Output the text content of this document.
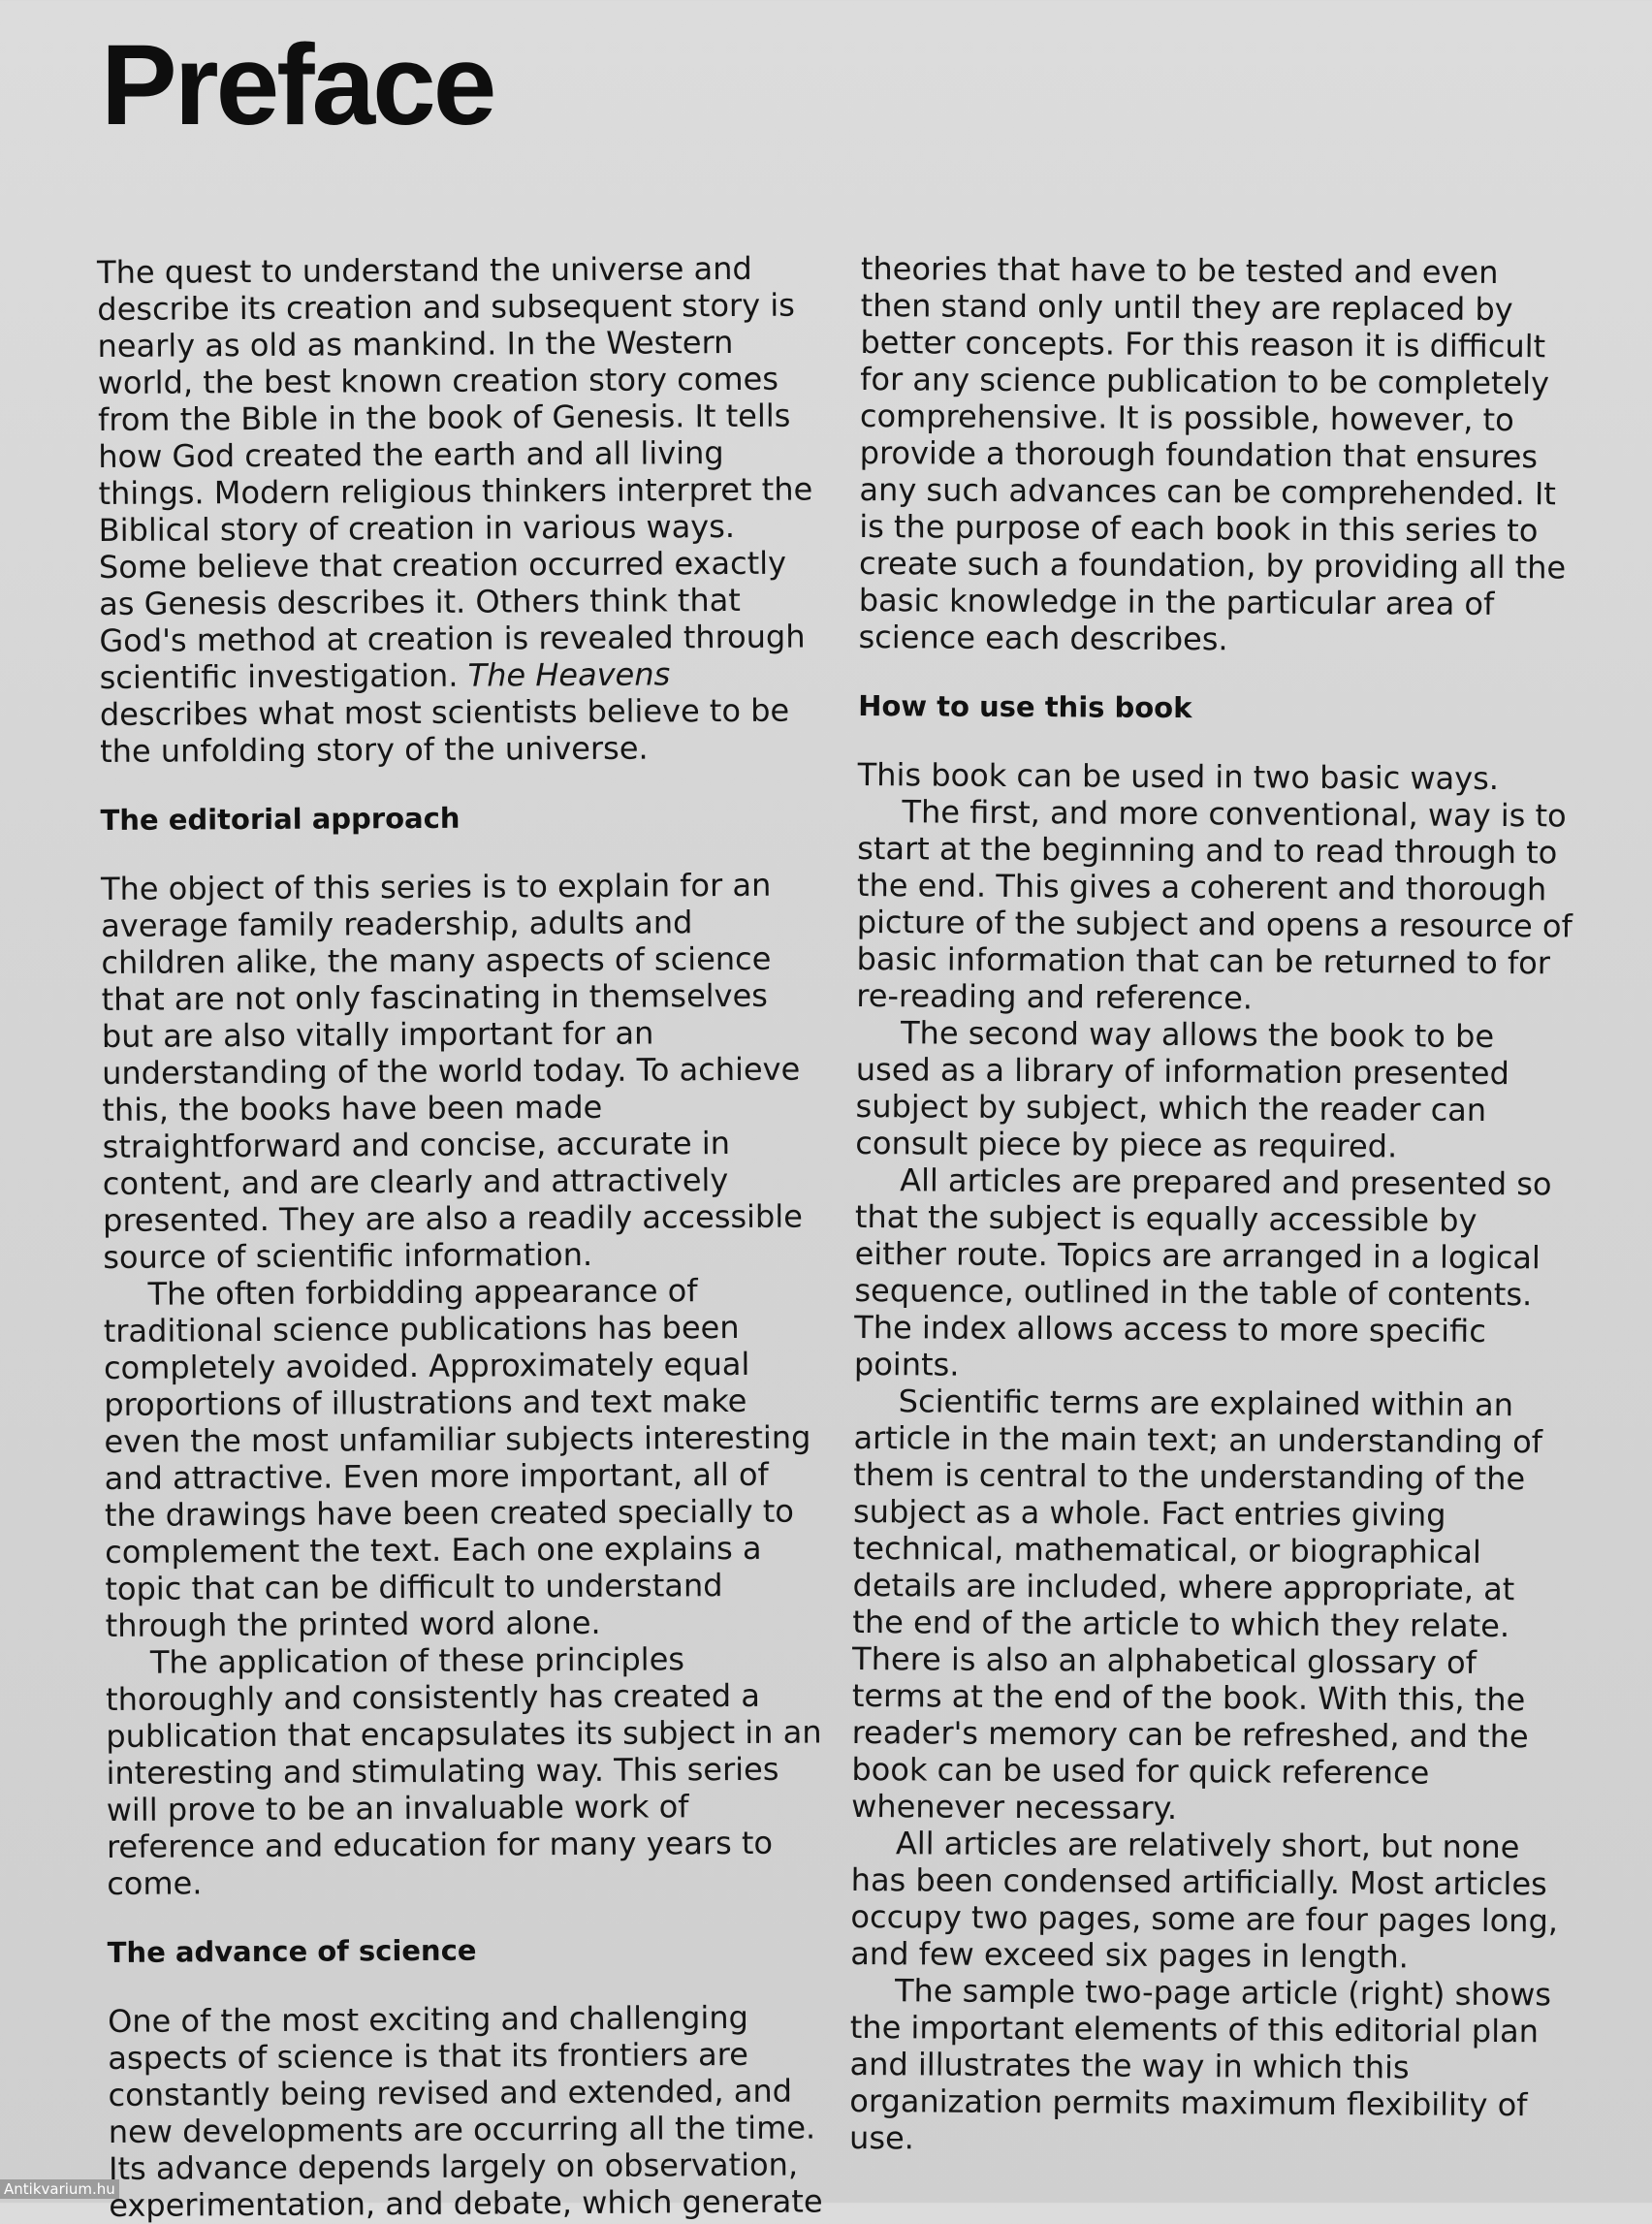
Preface

The quest to understand the universe and describe its creation and subsequent story is nearly as old as mankind. In the Western world, the best known creation story comes from the Bible in the book of Genesis. It tells how God created the earth and all living things. Modern religious thinkers interpret the Biblical story of creation in various ways. Some believe that creation occurred exactly as Genesis describes it. Others think that God's method at creation is revealed through scientific investigation. The Heavens describes what most scientists believe to be the unfolding story of the universe.

The editorial approach

The object of this series is to explain for an average family readership, adults and children alike, the many aspects of science that are not only fascinating in themselves but are also vitally important for an understanding of the world today. To achieve this, the books have been made straightforward and concise, accurate in content, and are clearly and attractively presented. They are also a readily accessible source of scientific information.

The often forbidding appearance of traditional science publications has been completely avoided. Approximately equal proportions of illustrations and text make even the most unfamiliar subjects interesting and attractive. Even more important, all of the drawings have been created specially to complement the text. Each one explains a topic that can be difficult to understand through the printed word alone.

The application of these principles thoroughly and consistently has created a publication that encapsulates its subject in an interesting and stimulating way. This series will prove to be an invaluable work of reference and education for many years to come.

The advance of science

One of the most exciting and challenging aspects of science is that its frontiers are constantly being revised and extended, and new developments are occurring all the time. Its advance depends largely on observation, experimentation, and debate, which generate

theories that have to be tested and even then stand only until they are replaced by better concepts. For this reason it is difficult for any science publication to be completely comprehensive. It is possible, however, to provide a thorough foundation that ensures any such advances can be comprehended. It is the purpose of each book in this series to create such a foundation, by providing all the basic knowledge in the particular area of science each describes.

How to use this book

This book can be used in two basic ways.

The first, and more conventional, way is to start at the beginning and to read through to the end. This gives a coherent and thorough picture of the subject and opens a resource of basic information that can be returned to for re-reading and reference.

The second way allows the book to be used as a library of information presented subject by subject, which the reader can consult piece by piece as required.

All articles are prepared and presented so that the subject is equally accessible by either route. Topics are arranged in a logical sequence, outlined in the table of contents. The index allows access to more specific points.

Scientific terms are explained within an article in the main text; an understanding of them is central to the understanding of the subject as a whole. Fact entries giving technical, mathematical, or biographical details are included, where appropriate, at the end of the article to which they relate. There is also an alphabetical glossary of terms at the end of the book. With this, the reader's memory can be refreshed, and the book can be used for quick reference whenever necessary.

All articles are relatively short, but none has been condensed artificially. Most articles occupy two pages, some are four pages long, and few exceed six pages in length.

The sample two-page article (right) shows the important elements of this editorial plan and illustrates the way in which this organization permits maximum flexibility of use.

Antikvarium.hu
